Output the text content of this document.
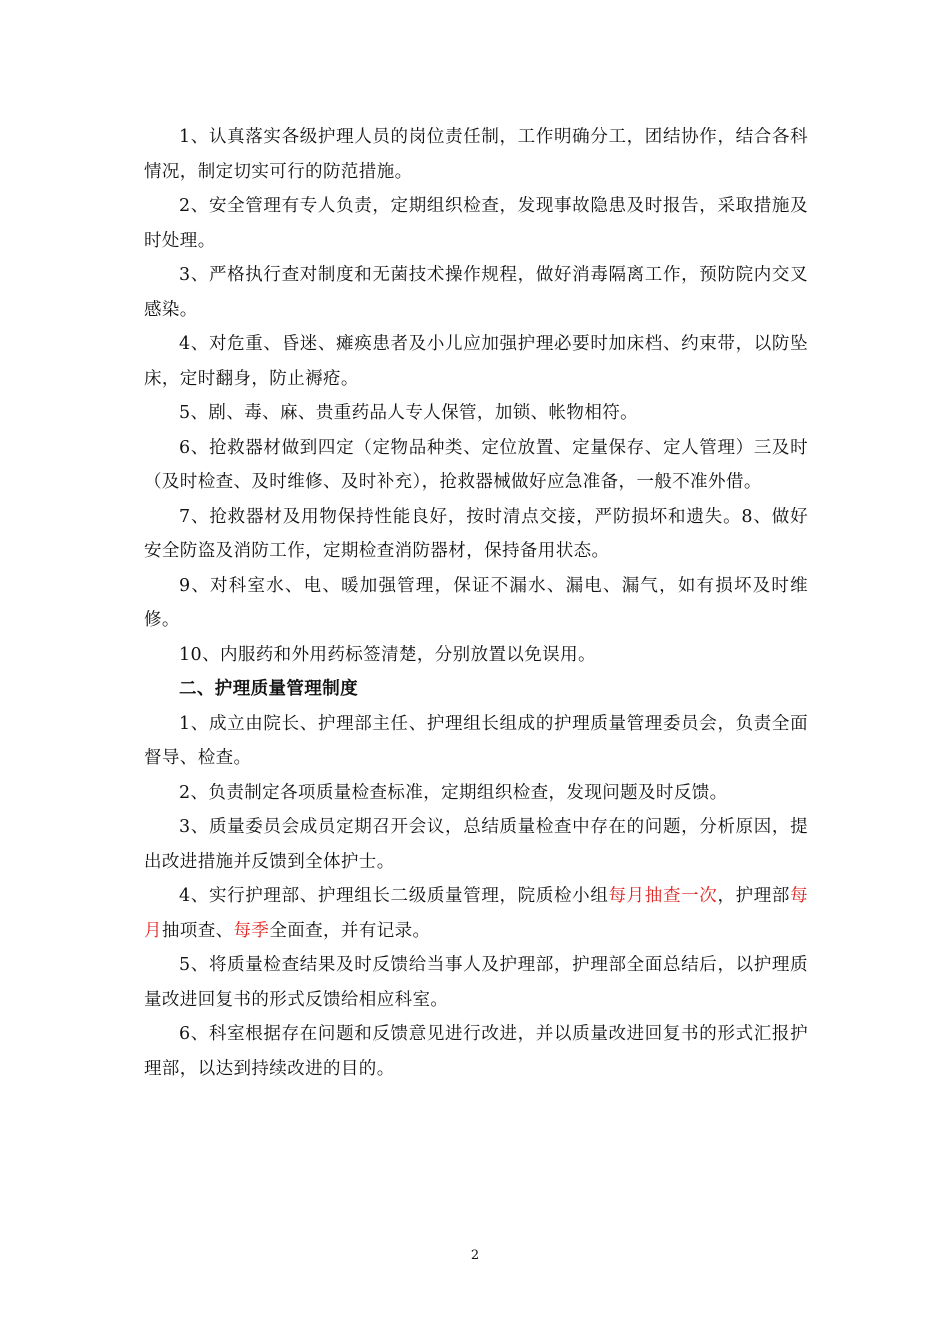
1、认真落实各级护理人员的岗位责任制，工作明确分工，团结协作，结合各科情况，制定切实可行的防范措施。

2、安全管理有专人负责，定期组织检查，发现事故隐患及时报告，采取措施及时处理。

3、严格执行查对制度和无菌技术操作规程，做好消毒隔离工作，预防院内交叉感染。

4、对危重、昏迷、瘫痪患者及小儿应加强护理必要时加床档、约束带，以防坠床，定时翻身，防止褥疮。

5、剧、毒、麻、贵重药品人专人保管，加锁、帐物相符。

6、抢救器材做到四定（定物品种类、定位放置、定量保存、定人管理）三及时（及时检查、及时维修、及时补充），抢救器械做好应急准备，一般不准外借。

7、抢救器材及用物保持性能良好，按时清点交接，严防损坏和遗失。8、做好安全防盗及消防工作，定期检查消防器材，保持备用状态。

9、对科室水、电、暖加强管理，保证不漏水、漏电、漏气，如有损坏及时维修。

10、内服药和外用药标签清楚，分别放置以免误用。

二、护理质量管理制度

1、成立由院长、护理部主任、护理组长组成的护理质量管理委员会，负责全面督导、检查。

2、负责制定各项质量检查标准，定期组织检查，发现问题及时反馈。

3、质量委员会成员定期召开会议，总结质量检查中存在的问题，分析原因，提出改进措施并反馈到全体护士。

4、实行护理部、护理组长二级质量管理，院质检小组每月抽查一次，护理部每月抽项查、每季全面查，并有记录。

5、将质量检查结果及时反馈给当事人及护理部，护理部全面总结后，以护理质量改进回复书的形式反馈给相应科室。

6、科室根据存在问题和反馈意见进行改进，并以质量改进回复书的形式汇报护理部，以达到持续改进的目的。

2
